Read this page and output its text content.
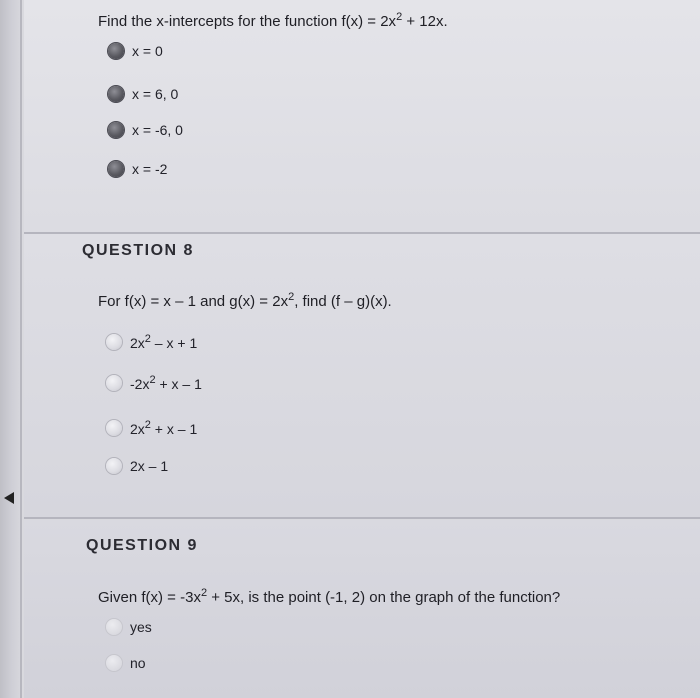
Find the x-intercepts for the function $f(x) = 2x^2 + 12x$.
x = 0
x = 6, 0
x = -6, 0
x = -2
QUESTION 8
For f(x) = x – 1 and $g(x) = 2x^2$, find (f – g)(x).
$2x^2 - x + 1$
$-2x^2 + x - 1$
$2x^2 + x - 1$
2x – 1
QUESTION 9
Given $f(x) = -3x^2 + 5x$, is the point (-1, 2) on the graph of the function?
yes
no
